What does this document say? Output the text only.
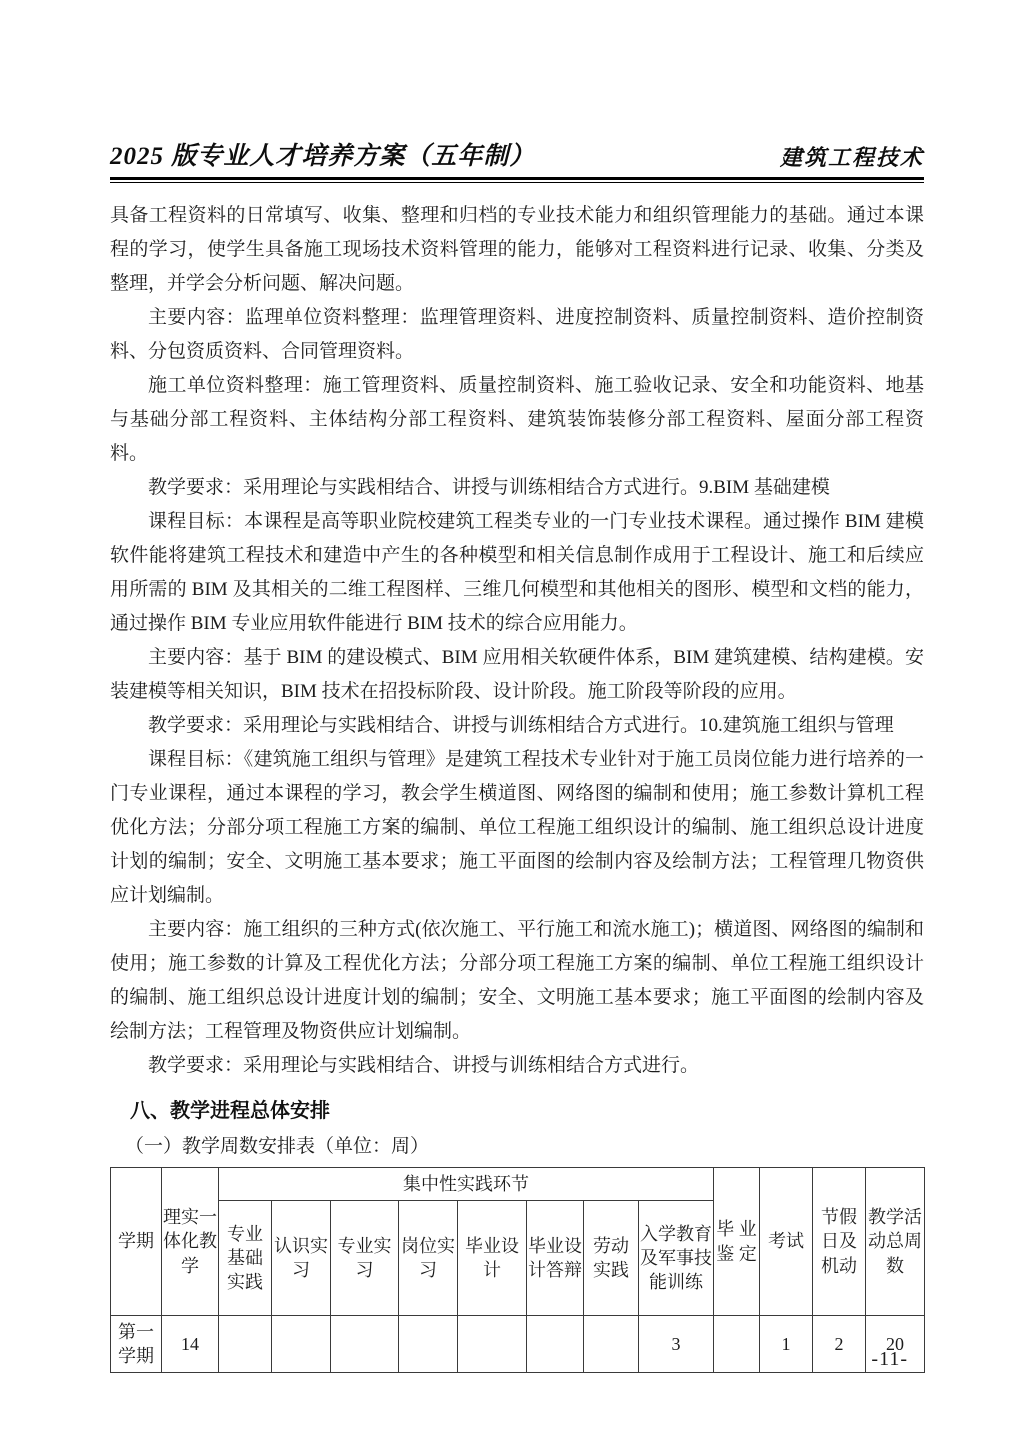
2025 版专业人才培养方案（五年制）	建筑工程技术

具备工程资料的日常填写、收集、整理和归档的专业技术能力和组织管理能力的基础。通过本课程的学习，使学生具备施工现场技术资料管理的能力，能够对工程资料进行记录、收集、分类及整理，并学会分析问题、解决问题。

主要内容：监理单位资料整理：监理管理资料、进度控制资料、质量控制资料、造价控制资料、分包资质资料、合同管理资料。

施工单位资料整理：施工管理资料、质量控制资料、施工验收记录、安全和功能资料、地基与基础分部工程资料、主体结构分部工程资料、建筑装饰装修分部工程资料、屋面分部工程资料。

教学要求：采用理论与实践相结合、讲授与训练相结合方式进行。9.BIM 基础建模

课程目标：本课程是高等职业院校建筑工程类专业的一门专业技术课程。通过操作 BIM 建模软件能将建筑工程技术和建造中产生的各种模型和相关信息制作成用于工程设计、施工和后续应用所需的 BIM 及其相关的二维工程图样、三维几何模型和其他相关的图形、模型和文档的能力，通过操作 BIM 专业应用软件能进行 BIM 技术的综合应用能力。

主要内容：基于 BIM 的建设模式、BIM 应用相关软硬件体系，BIM 建筑建模、结构建模。安装建模等相关知识，BIM 技术在招投标阶段、设计阶段。施工阶段等阶段的应用。

教学要求：采用理论与实践相结合、讲授与训练相结合方式进行。10.建筑施工组织与管理

课程目标：《建筑施工组织与管理》是建筑工程技术专业针对于施工员岗位能力进行培养的一门专业课程，通过本课程的学习，教会学生横道图、网络图的编制和使用；施工参数计算机工程优化方法；分部分项工程施工方案的编制、单位工程施工组织设计的编制、施工组织总设计进度计划的编制；安全、文明施工基本要求；施工平面图的绘制内容及绘制方法；工程管理几物资供应计划编制。

主要内容：施工组织的三种方式(依次施工、平行施工和流水施工)；横道图、网络图的编制和使用；施工参数的计算及工程优化方法；分部分项工程施工方案的编制、单位工程施工组织设计的编制、施工组织总设计进度计划的编制；安全、文明施工基本要求；施工平面图的绘制内容及绘制方法；工程管理及物资供应计划编制。

教学要求：采用理论与实践相结合、讲授与训练相结合方式进行。

八、教学进程总体安排
（一）教学周数安排表（单位：周）
学期	理实一体化教学	集中性实践环节								毕 业 鉴 定	考试	节假日及机动	教学活动总周数
		专业基础实践	认识实习	专业实习	岗位实习	毕业设计	毕业设计答辩	劳动实践	入学教育及军事技能训练				
第一学期	14								3		1	2	20
-11-
